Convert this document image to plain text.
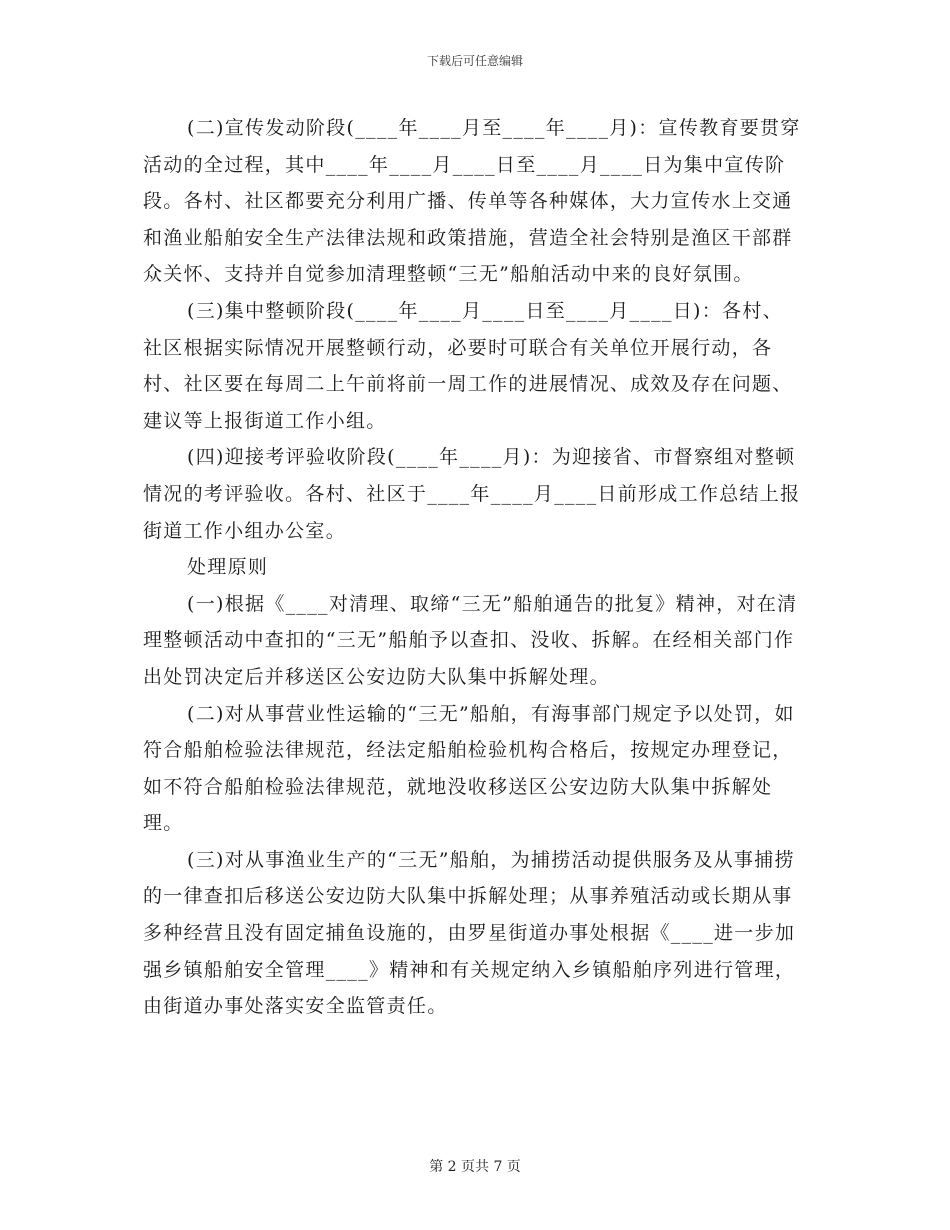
下载后可任意编辑

(二)宣传发动阶段(____年____月至____年____月)：宣传教育要贯穿活动的全过程，其中____年____月____日至____月____日为集中宣传阶段。各村、社区都要充分利用广播、传单等各种媒体，大力宣传水上交通和渔业船舶安全生产法律法规和政策措施，营造全社会特别是渔区干部群众关怀、支持并自觉参加清理整顿“三无”船舶活动中来的良好氛围。

(三)集中整顿阶段(____年____月____日至____月____日)：各村、社区根据实际情况开展整顿行动，必要时可联合有关单位开展行动，各村、社区要在每周二上午前将前一周工作的进展情况、成效及存在问题、建议等上报街道工作小组。

(四)迎接考评验收阶段(____年____月)：为迎接省、市督察组对整顿情况的考评验收。各村、社区于____年____月____日前形成工作总结上报街道工作小组办公室。

处理原则

(一)根据《____对清理、取缔“三无”船舶通告的批复》精神，对在清理整顿活动中查扣的“三无”船舶予以查扣、没收、拆解。在经相关部门作出处罚决定后并移送区公安边防大队集中拆解处理。

(二)对从事营业性运输的“三无”船舶，有海事部门规定予以处罚，如符合船舶检验法律规范，经法定船舶检验机构合格后，按规定办理登记，如不符合船舶检验法律规范，就地没收移送区公安边防大队集中拆解处理。

(三)对从事渔业生产的“三无”船舶，为捕捞活动提供服务及从事捕捞的一律查扣后移送公安边防大队集中拆解处理；从事养殖活动或长期从事多种经营且没有固定捕鱼设施的，由罗星街道办事处根据《____进一步加强乡镇船舶安全管理____》精神和有关规定纳入乡镇船舶序列进行管理，由街道办事处落实安全监管责任。

第 2 页共 7 页
